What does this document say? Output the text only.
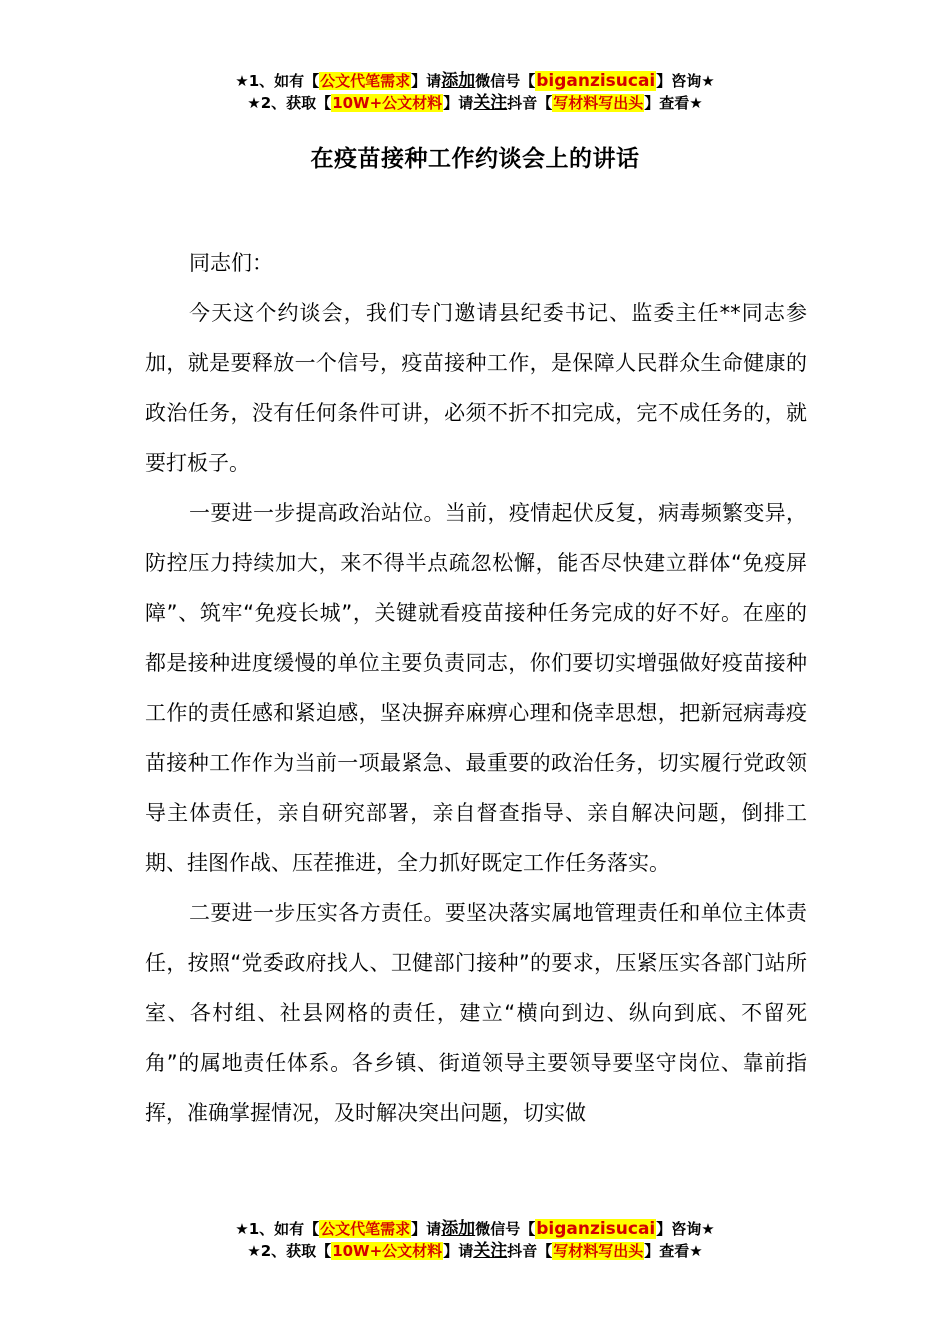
★1、如有【公文代笔需求】请添加微信号【biganzisucai】咨询★
★2、获取【10W+公文材料】请关注抖音【写材料写出头】查看★
在疫苗接种工作约谈会上的讲话

同志们：

今天这个约谈会，我们专门邀请县纪委书记、监委主任**同志参加，就是要释放一个信号，疫苗接种工作，是保障人民群众生命健康的政治任务，没有任何条件可讲，必须不折不扣完成，完不成任务的，就要打板子。

一要进一步提高政治站位。当前，疫情起伏反复，病毒频繁变异，防控压力持续加大，来不得半点疏忽松懈，能否尽快建立群体“免疫屏障”、筑牢“免疫长城”，关键就看疫苗接种任务完成的好不好。在座的都是接种进度缓慢的单位主要负责同志，你们要切实增强做好疫苗接种工作的责任感和紧迫感，坚决摒弃麻痹心理和侥幸思想，把新冠病毒疫苗接种工作作为当前一项最紧急、最重要的政治任务，切实履行党政领导主体责任，亲自研究部署，亲自督查指导、亲自解决问题，倒排工期、挂图作战、压茬推进，全力抓好既定工作任务落实。

二要进一步压实各方责任。要坚决落实属地管理责任和单位主体责任，按照“党委政府找人、卫健部门接种”的要求，压紧压实各部门站所室、各村组、社县网格的责任，建立“横向到边、纵向到底、不留死角”的属地责任体系。各乡镇、街道领导主要领导要坚守岗位、靠前指挥，准确掌握情况，及时解决突出问题，切实做

★1、如有【公文代笔需求】请添加微信号【biganzisucai】咨询★
★2、获取【10W+公文材料】请关注抖音【写材料写出头】查看★
